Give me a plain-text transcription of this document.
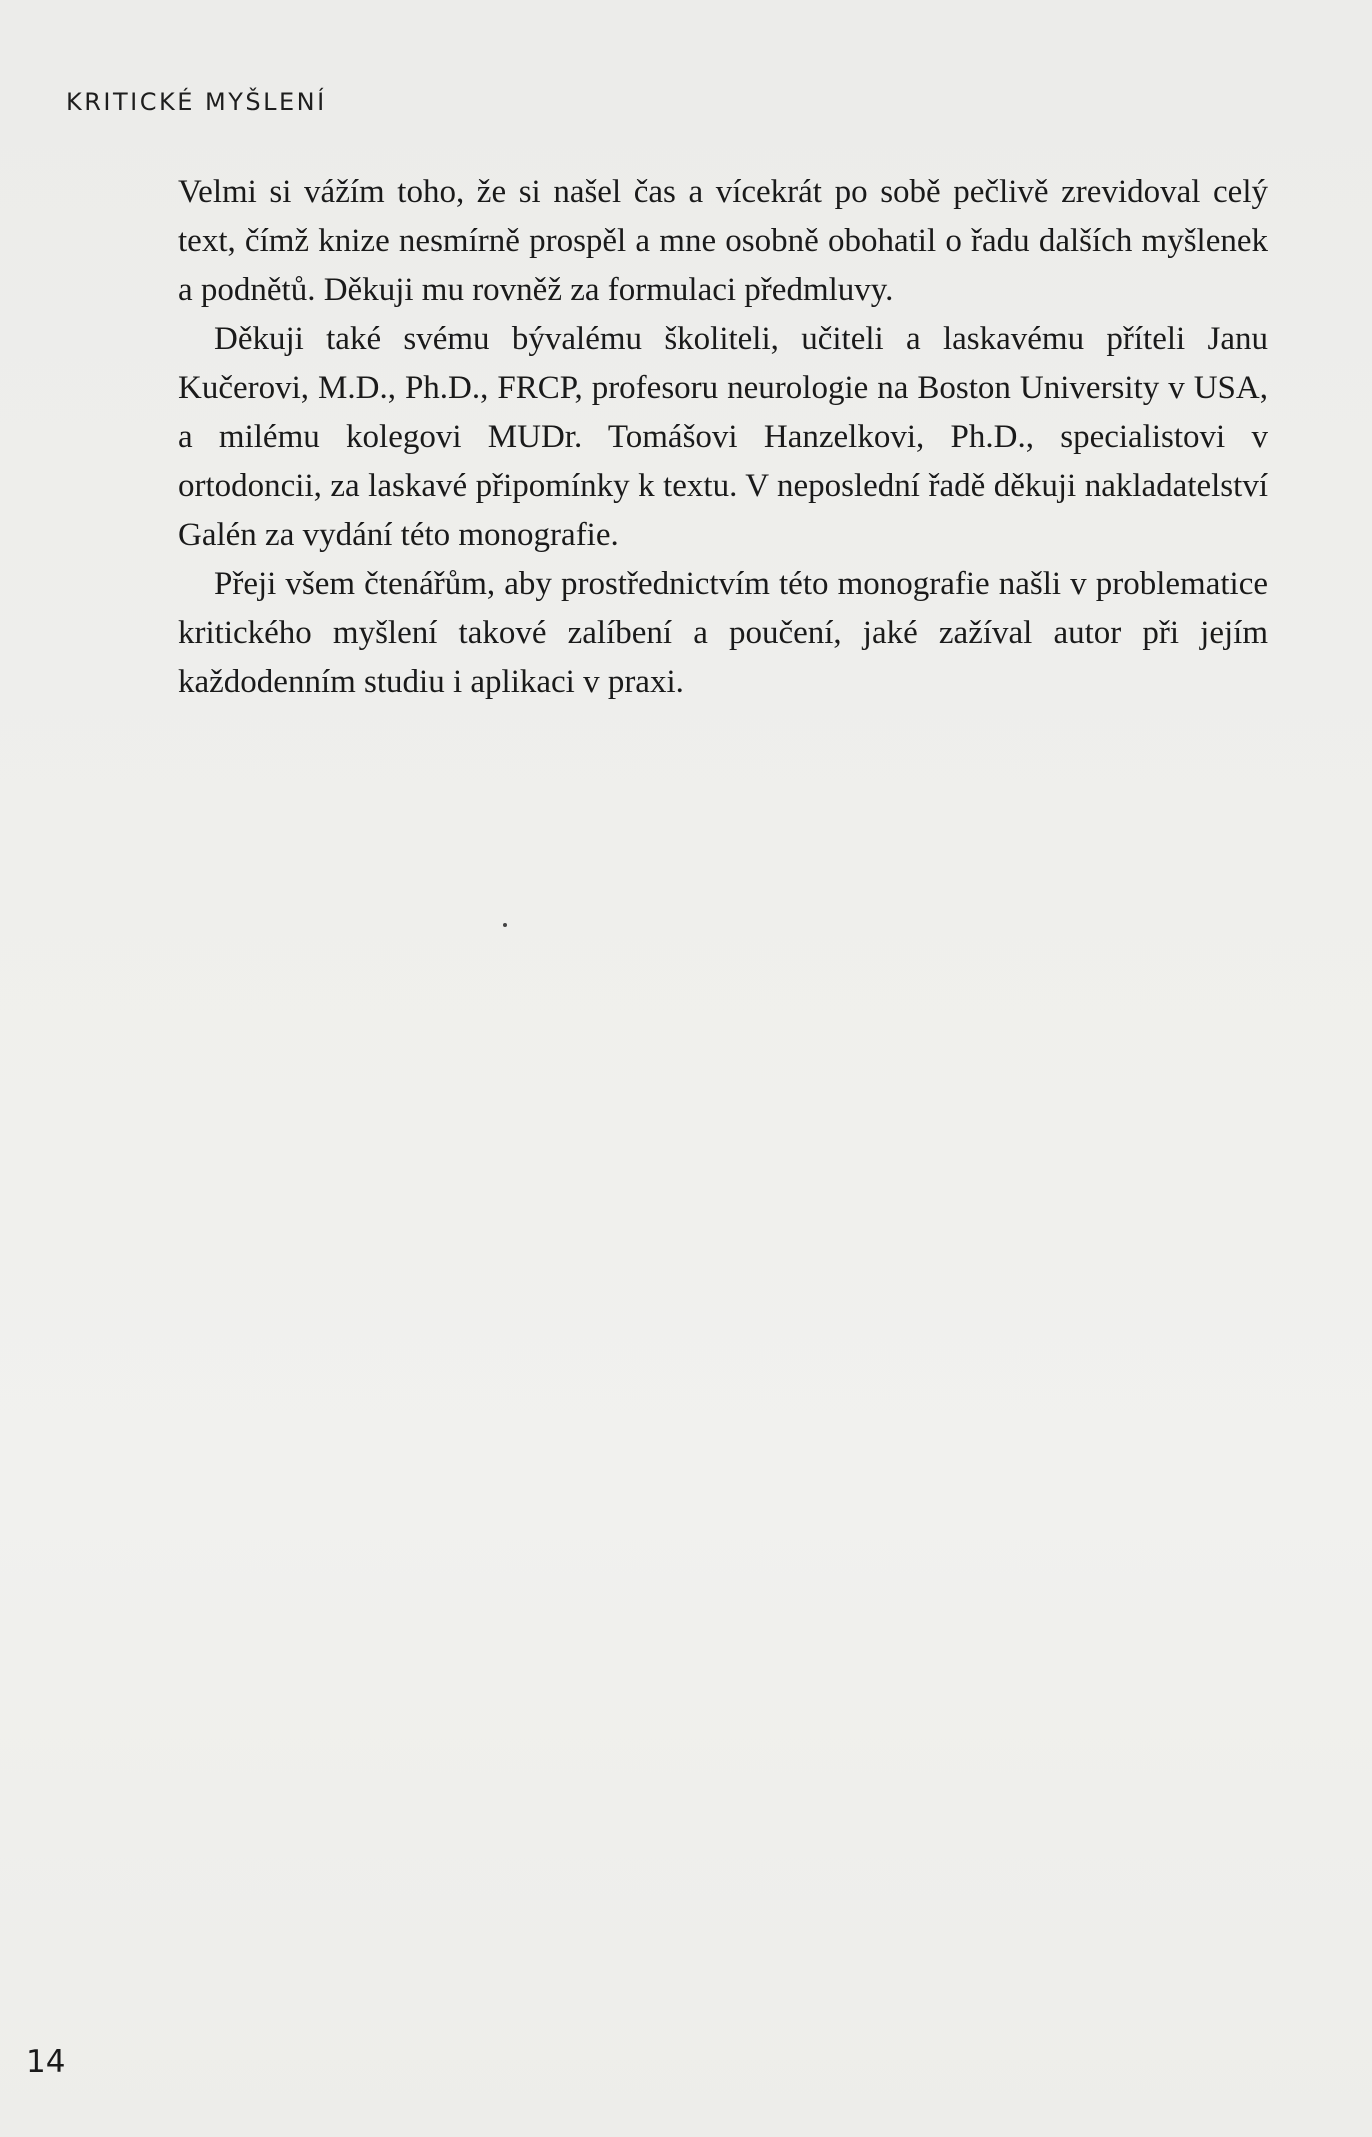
KRITICKÉ MYŠLENÍ

Velmi si vážím toho, že si našel čas a vícekrát po sobě pečlivě zrevidoval celý text, čímž knize nesmírně prospěl a mne osobně obohatil o řadu dalších myšlenek a podnětů. Děkuji mu rovněž za formulaci předmluvy.

Děkuji také svému bývalému školiteli, učiteli a laskavému příteli Janu Kučerovi, M.D., Ph.D., FRCP, profesoru neurologie na Boston University v USA, a milému kolegovi MUDr. Tomášovi Hanzelkovi, Ph.D., specialistovi v ortodoncii, za laskavé připomínky k textu. V neposlední řadě děkuji nakladatelství Galén za vydání této monografie.

Přeji všem čtenářům, aby prostřednictvím této monografie našli v problematice kritického myšlení takové zalíbení a poučení, jaké zažíval autor při jejím každodenním studiu i aplikaci v praxi.

14
